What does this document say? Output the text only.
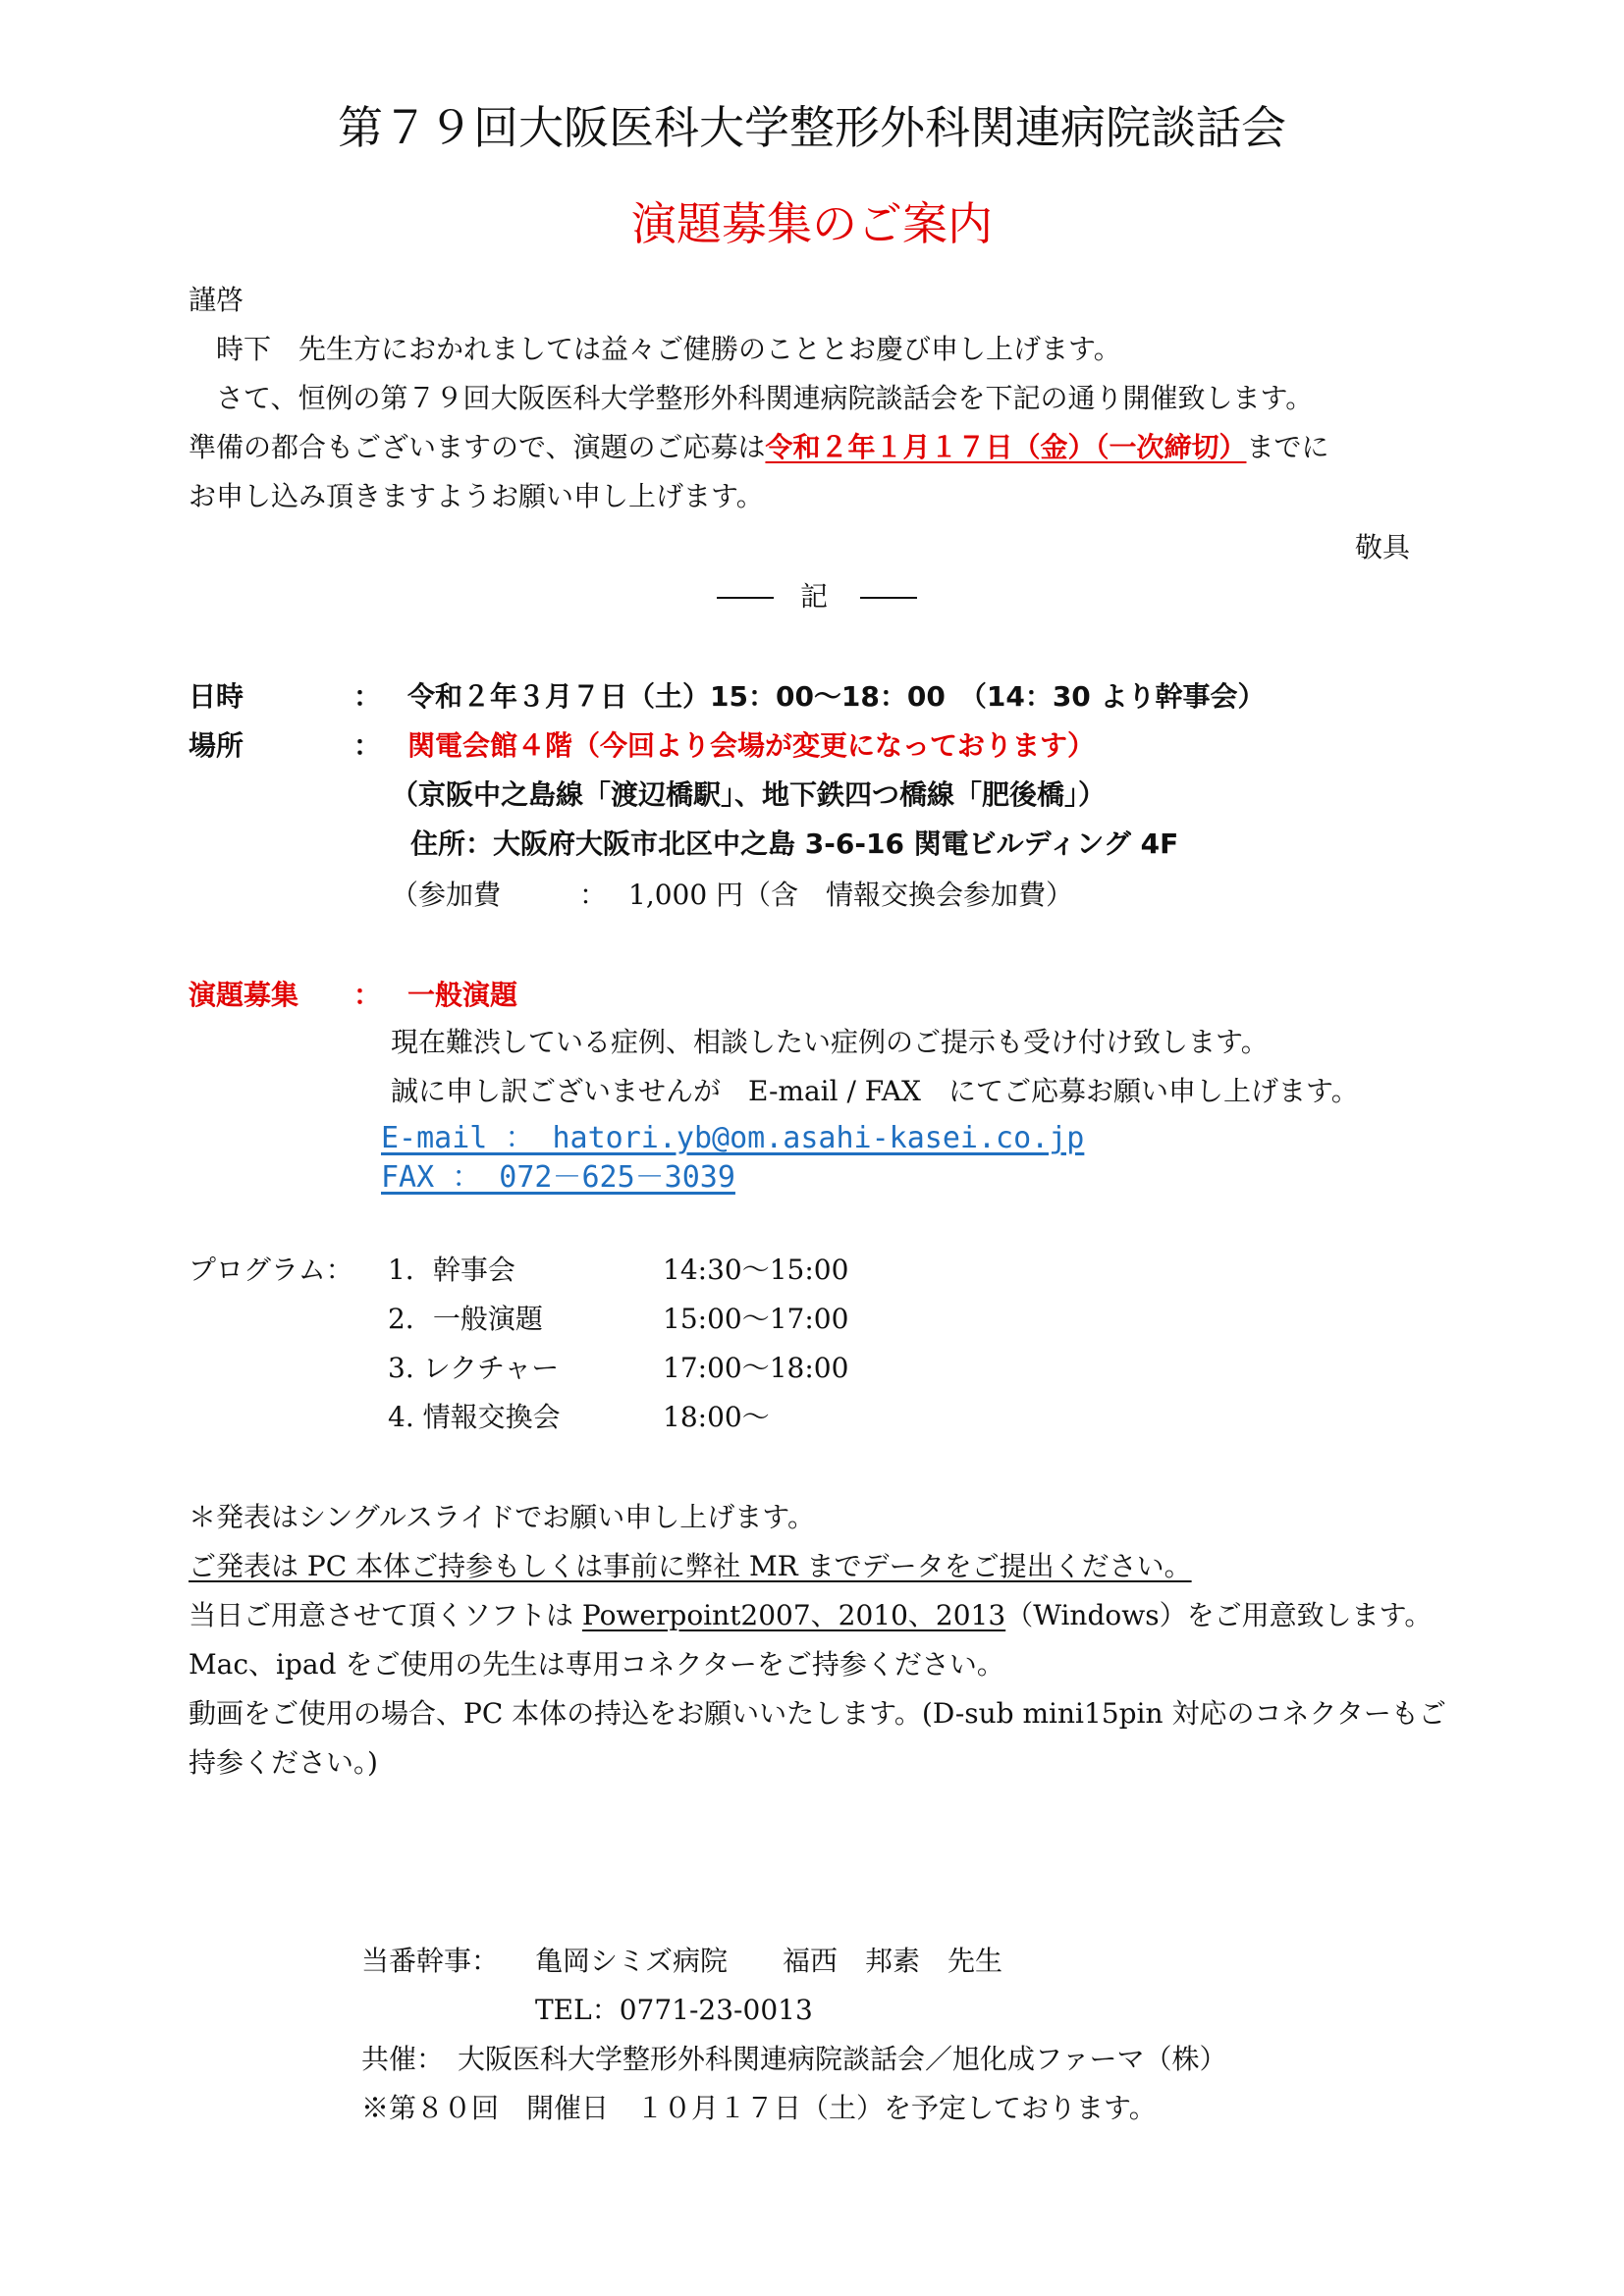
第７９回大阪医科大学整形外科関連病院談話会
演題募集のご案内
謹啓
時下　先生方におかれましては益々ご健勝のこととお慶び申し上げます。
さて、恒例の第７９回大阪医科大学整形外科関連病院談話会を下記の通り開催致します。
準備の都合もございますので、演題のご応募は令和２年１月１７日（金）（一次締切）までに
お申し込み頂きますようお願い申し上げます。
敬具
記
日時	： 令和２年３月７日（土）15：00〜18：00　（14：30 より幹事会）
場所	： 関電会館４階（今回より会場が変更になっております）
（京阪中之島線「渡辺橋駅」、地下鉄四つ橋線「肥後橋」）
住所：大阪府大阪市北区中之島 3-6-16 関電ビルディング 4F
（参加費	： 1,000 円（含　情報交換会参加費）
演題募集 ： 一般演題
現在難渋している症例、相談したい症例のご提示も受け付け致します。
誠に申し訳ございませんが　E-mail / FAX　にてご応募お願い申し上げます。
E-mail ： hatori.yb@om.asahi-kasei.co.jp
FAX ： 072－625－3039
プログラム： 1．幹事会	14:30〜15:00
2．一般演題	15:00〜17:00
3. レクチャー	17:00〜18:00
4. 情報交換会	18:00〜
＊発表はシングルスライドでお願い申し上げます。
ご発表は PC 本体ご持参もしくは事前に弊社 MR までデータをご提出ください。
当日ご用意させて頂くソフトは Powerpoint2007、2010、2013（Windows）をご用意致します。
Mac、ipad をご使用の先生は専用コネクターをご持参ください。
動画をご使用の場合、PC 本体の持込をお願いいたします。(D-sub mini15pin 対応のコネクターもご
持参ください。)
当番幹事： 亀岡シミズ病院　　福西　邦素　先生
TEL：0771-23-0013
共催：　大阪医科大学整形外科関連病院談話会／旭化成ファーマ（株）
※第８０回　開催日　１０月１７日（土）を予定しております。
